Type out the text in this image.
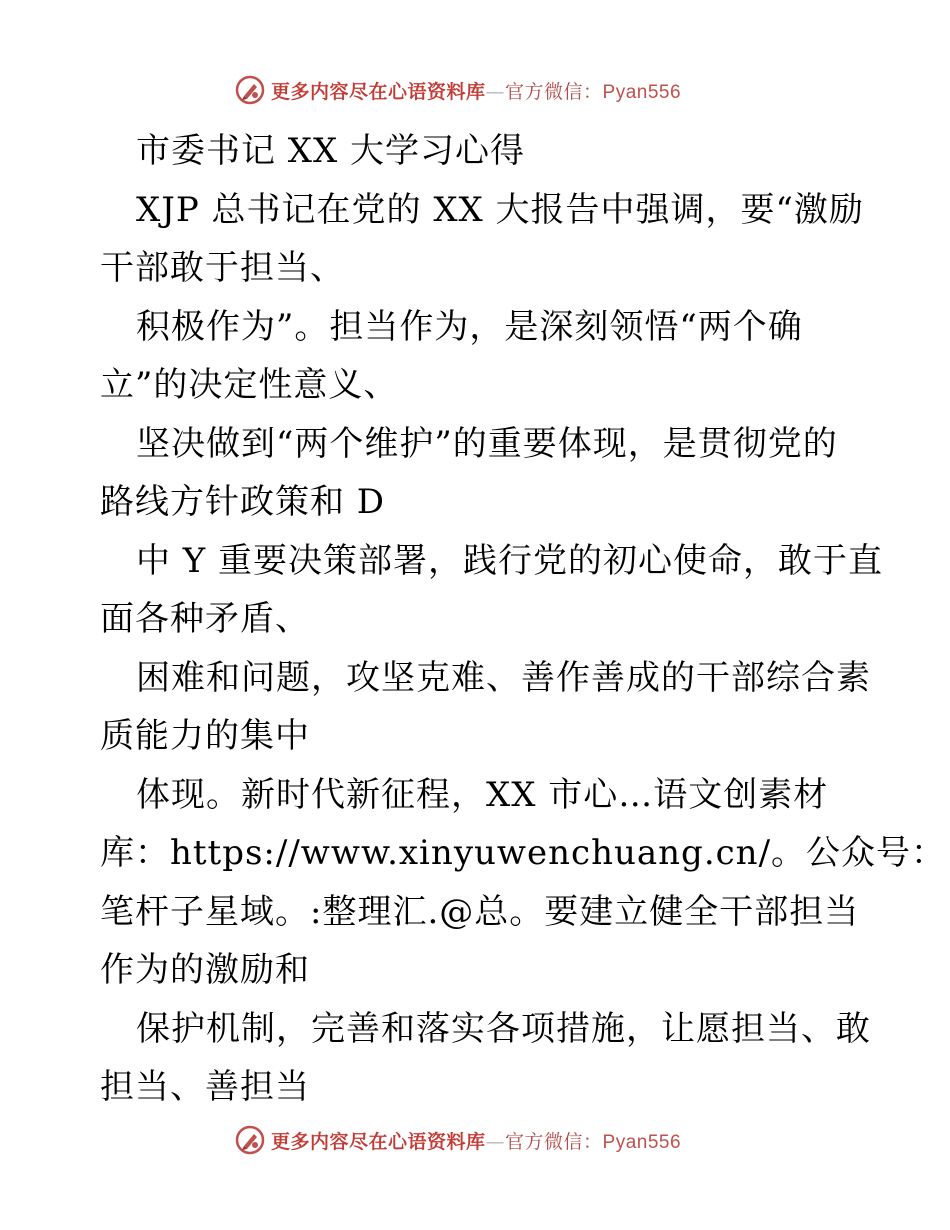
更多内容尽在心语资料库—官方微信：Pyan556
市委书记 XX 大学习心得
XJP 总书记在党的 XX 大报告中强调，要“激励
干部敢于担当、
积极作为”。担当作为，是深刻领悟“两个确
立”的决定性意义、
坚决做到“两个维护”的重要体现，是贯彻党的
路线方针政策和 D
中 Y 重要决策部署，践行党的初心使命，敢于直
面各种矛盾、
困难和问题，攻坚克难、善作善成的干部综合素
质能力的集中
体现。新时代新征程，XX 市心…语文创素材
库：https://www.xinyuwenchuang.cn/。公众号：
笔杆子星域。:整理汇.@总。要建立健全干部担当
作为的激励和
保护机制，完善和落实各项措施，让愿担当、敢
担当、善担当
更多内容尽在心语资料库—官方微信：Pyan556
